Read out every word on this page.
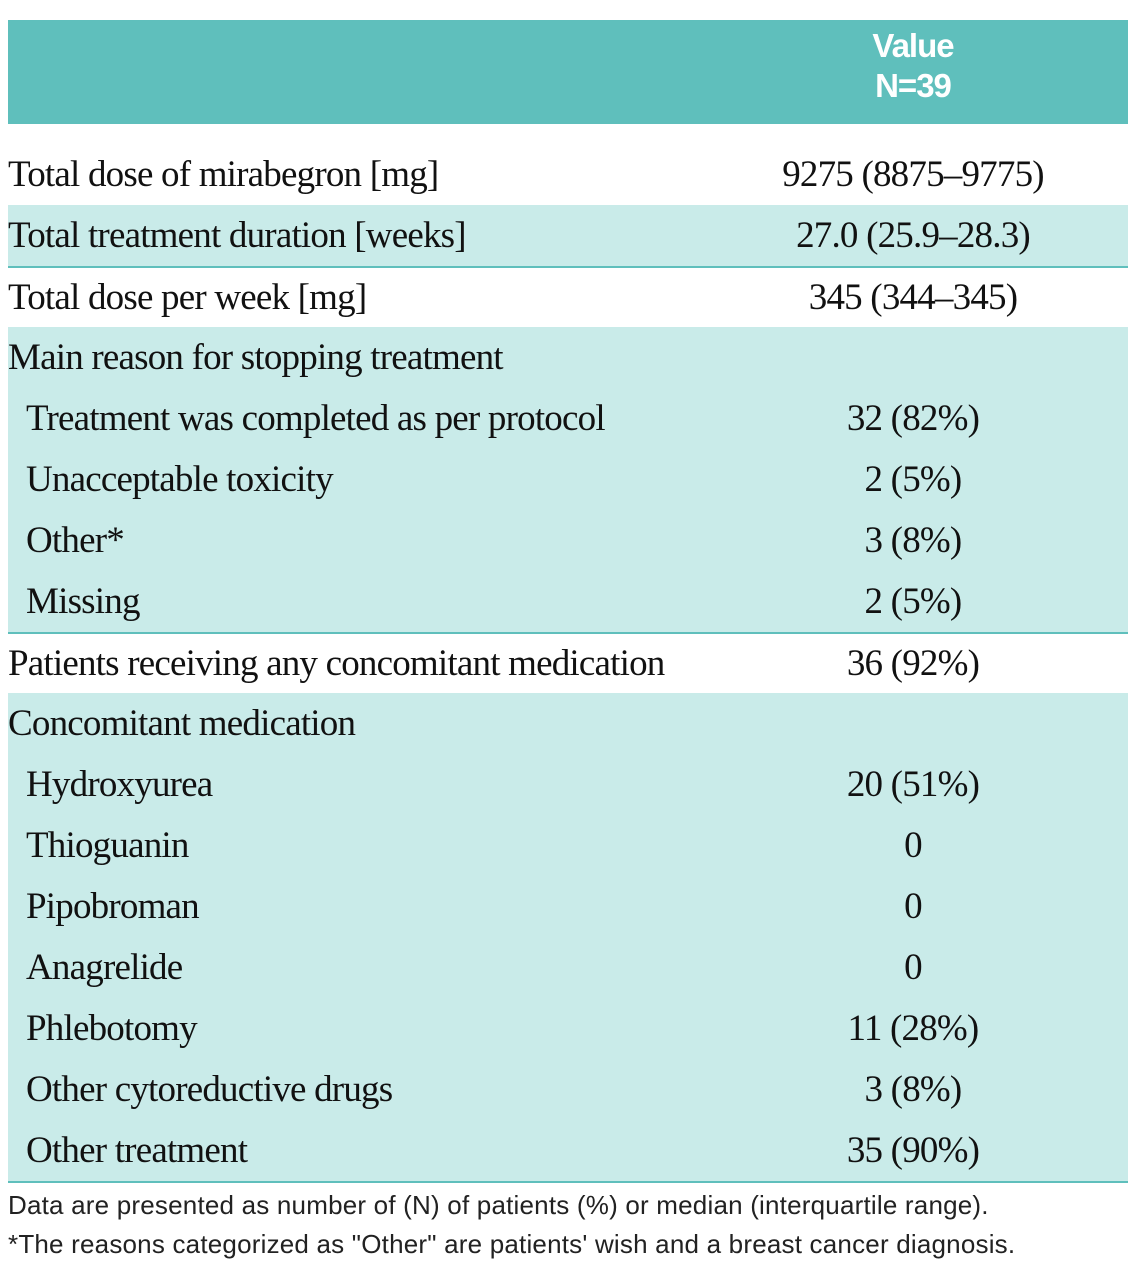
Value
N=39
Total dose of mirabegron [mg]	9275 (8875–9775)
Total treatment duration [weeks]	27.0 (25.9–28.3)
Total dose per week [mg]	345 (344–345)
Main reason for stopping treatment
Treatment was completed as per protocol	32 (82%)
Unacceptable toxicity	2 (5%)
Other*	3 (8%)
Missing	2 (5%)
Patients receiving any concomitant medication	36 (92%)
Concomitant medication
Hydroxyurea	20 (51%)
Thioguanin	0
Pipobroman	0
Anagrelide	0
Phlebotomy	11 (28%)
Other cytoreductive drugs	3 (8%)
Other treatment	35 (90%)
Data are presented as number of (N) of patients (%) or median (interquartile range).
*The reasons categorized as "Other" are patients' wish and a breast cancer diagnosis.
